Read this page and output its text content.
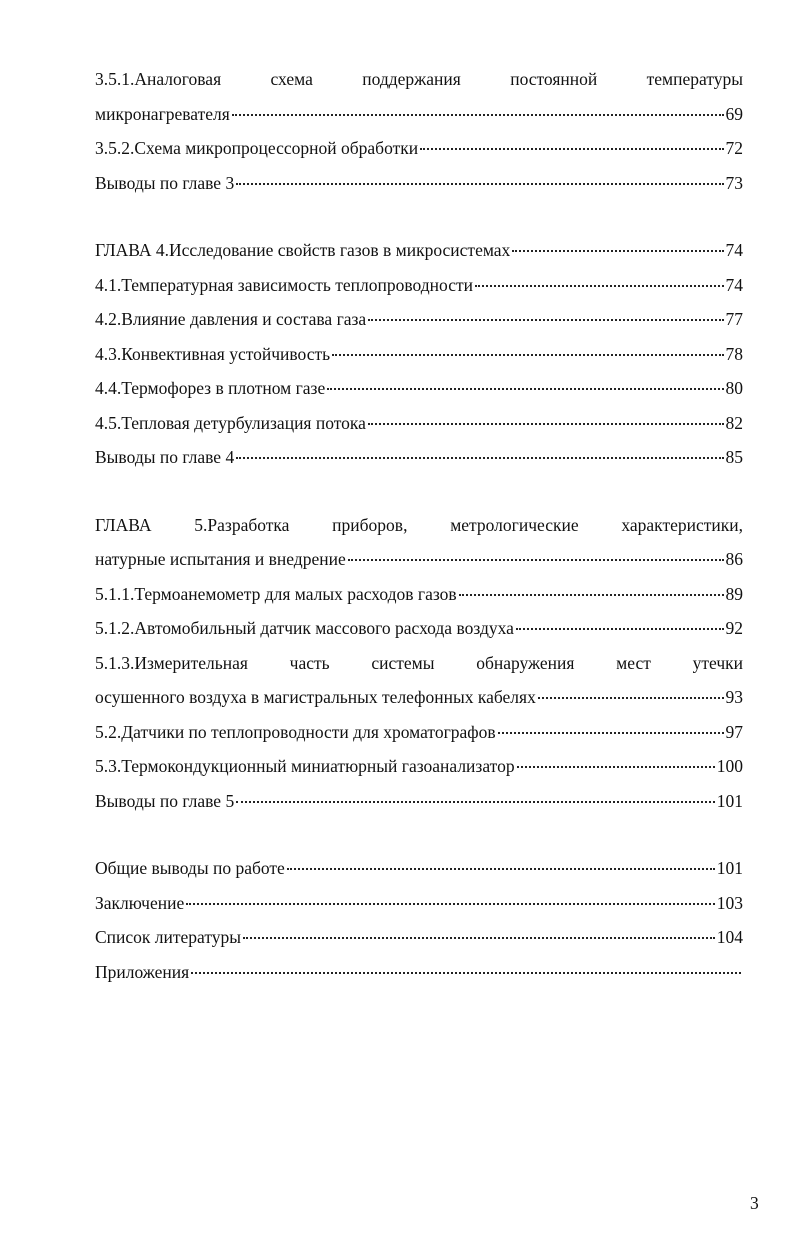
3.5.1.Аналоговая схема поддержания постоянной температуры
микронагревателя	69
3.5.2.Схема микропроцессорной обработки	72
Выводы по главе 3	73
ГЛАВА 4.Исследование свойств газов в микросистемах	74
4.1.Температурная зависимость теплопроводности	74
4.2.Влияние давления и состава газа	77
4.3.Конвективная устойчивость	78
4.4.Термофорез в плотном газе	80
4.5.Тепловая детурбулизация потока	82
Выводы по главе 4	85
ГЛАВА 5.Разработка приборов, метрологические характеристики,
натурные испытания и внедрение	86
5.1.1.Термоанемометр для малых расходов газов	89
5.1.2.Автомобильный датчик массового расхода воздуха	92
5.1.3.Измерительная часть системы обнаружения мест утечки
осушенного воздуха в магистральных телефонных кабелях	93
5.2.Датчики по теплопроводности для хроматографов	97
5.3.Термокондукционный миниатюрный газоанализатор	100
Выводы по главе 5	101
Общие выводы по работе	101
Заключение	103
Список литературы	104
Приложения
3
